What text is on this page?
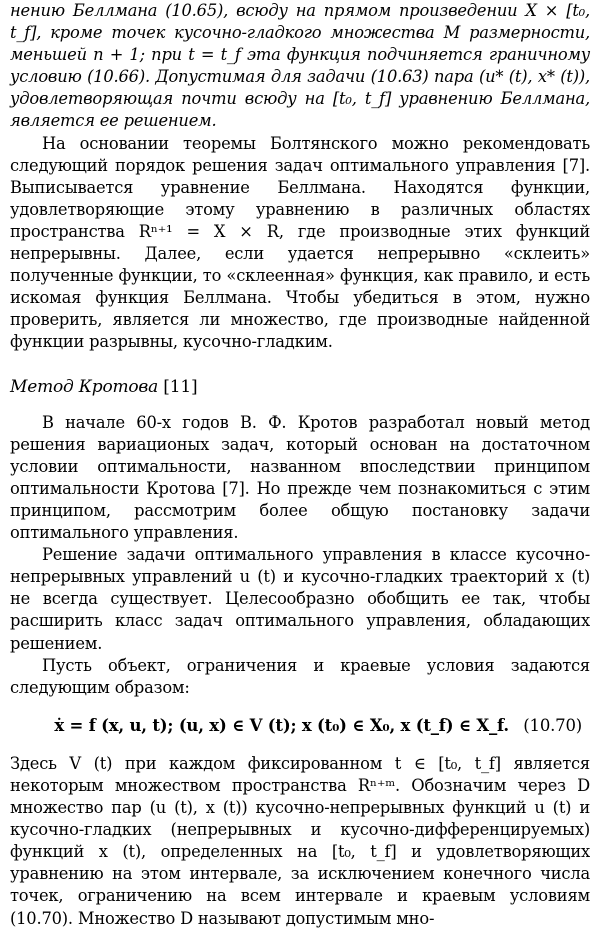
нению Беллмана (10.65), всюду на прямом произведении X × [t₀, t_f], кроме точек кусочно-гладкого множества M размерности, меньшей n + 1; при t = t_f эта функция подчиняется граничному условию (10.66). Допустимая для задачи (10.63) пара (u* (t), x* (t)), удовлетворяющая почти всюду на [t₀, t_f] уравнению Беллмана, является ее решением.

На основании теоремы Болтянского можно рекомендовать следующий порядок решения задач оптимального управления [7]. Выписывается уравнение Беллмана. Находятся функции, удовлетворяющие этому уравнению в различных областях пространства Rⁿ⁺¹ = X × R, где производные этих функций непрерывны. Далее, если удается непрерывно «склеить» полученные функции, то «склеенная» функция, как правило, и есть искомая функция Беллмана. Чтобы убедиться в этом, нужно проверить, является ли множество, где производные найденной функции разрывны, кусочно-гладким.

Метод Кротова [11]

В начале 60-х годов В. Ф. Кротов разработал новый метод решения вариационых задач, который основан на достаточном условии оптимальности, названном впоследствии принципом оптимальности Кротова [7]. Но прежде чем познакомиться с этим принципом, рассмотрим более общую постановку задачи оптимального управления.

Решение задачи оптимального управления в классе кусочно-непрерывных управлений u (t) и кусочно-гладких траекторий x (t) не всегда существует. Целесообразно обобщить ее так, чтобы расширить класс задач оптимального управления, обладающих решением.

Пусть объект, ограничения и краевые условия задаются следующим образом:

ẋ = f (x, u, t); (u, x) ∈ V (t); x (t₀) ∈ X₀, x (t_f) ∈ X_f. (10.70)

Здесь V (t) при каждом фиксированном t ∈ [t₀, t_f] является некоторым множеством пространства Rⁿ⁺ᵐ. Обозначим через D множество пар (u (t), x (t)) кусочно-непрерывных функций u (t) и кусочно-гладких (непрерывных и кусочно-дифференцируемых) функций x (t), определенных на [t₀, t_f] и удовлетворяющих уравнению на этом интервале, за исключением конечного числа точек, ограничению на всем интервале и краевым условиям (10.70). Множество D называют допустимым мно-
